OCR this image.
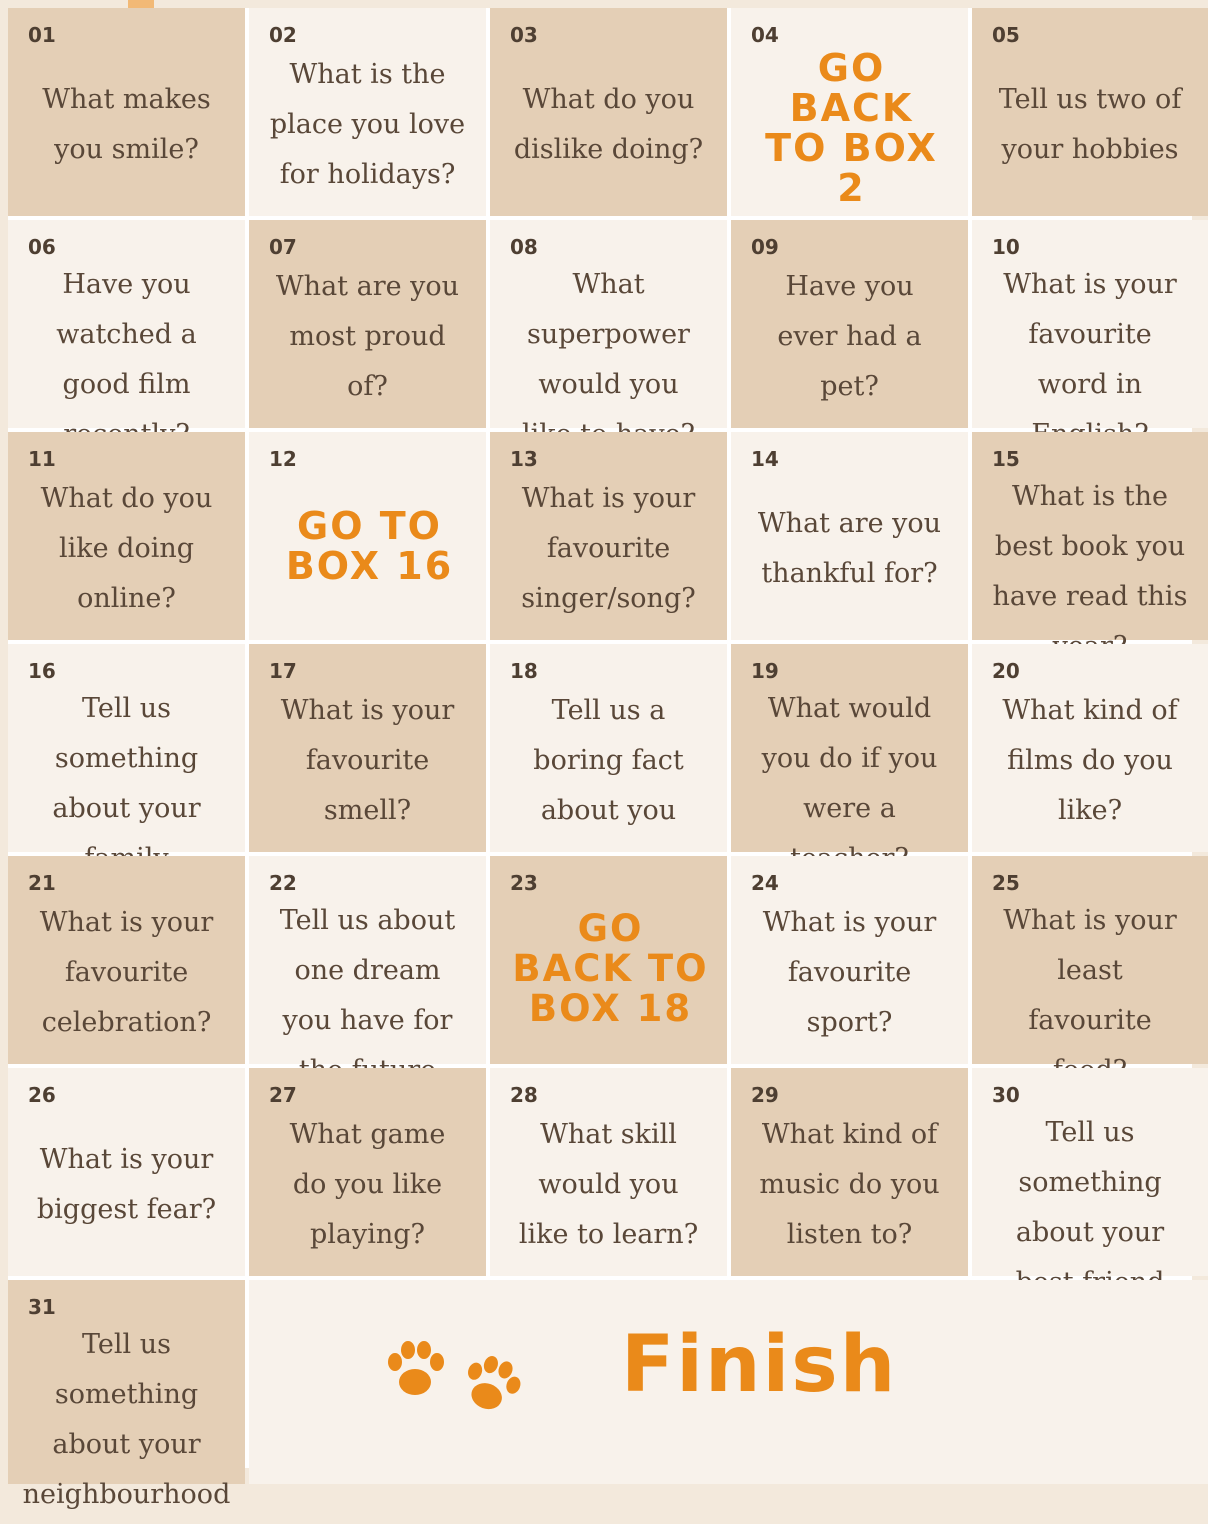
01
What makes you smile?
02
What is the place you love for holidays?
03
What do you dislike doing?
04
GO BACK TO BOX 2
05
Tell us two of your hobbies
06
Have you watched a good film
07
What are you most proud of?
08
What superpower would you
09
Have you ever had a pet?
10
What is your favourite word in
11
What do you like doing online?
12
GO TO BOX 16
13
What is your favourite singer/song?
14
What are you thankful for?
15
What is the best book you have read this
16
Tell us something about your
17
What is your favourite smell?
18
Tell us a boring fact about you
19
What would you do if you were a
20
What kind of films do you like?
21
What is your favourite celebration?
22
Tell us about one dream you have for
23
GO BACK TO BOX 18
24
What is your favourite sport?
25
What is your least favourite
26
What is your biggest fear?
27
What game do you like playing?
28
What skill would you like to learn?
29
What kind of music do you listen to?
30
Tell us something about your
31
Tell us something about your neighbourhood
Finish
